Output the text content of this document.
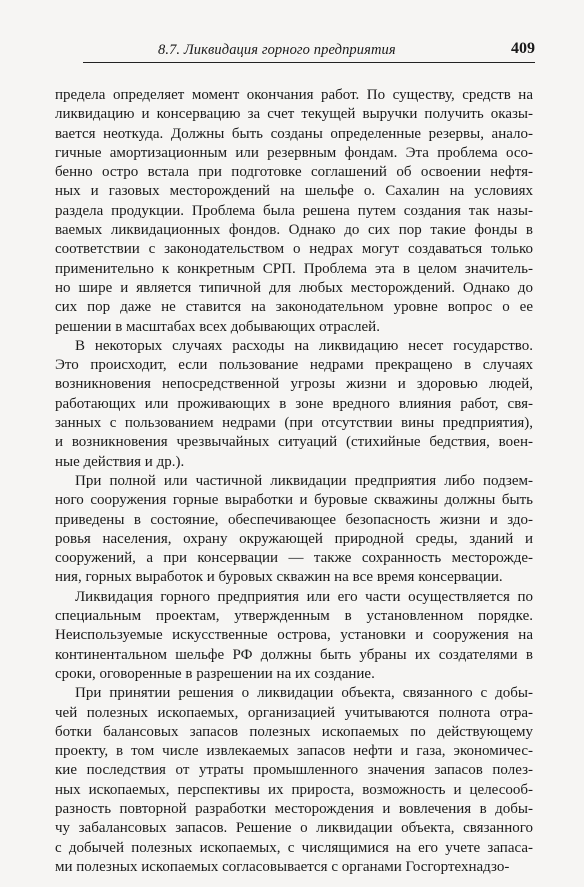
8.7. Ликвидация горного предприятия	409
предела определяет момент окончания работ. По существу, средств на
ликвидацию и консервацию за счет текущей выручки получить оказы-
вается неоткуда. Должны быть созданы определенные резервы, анало-
гичные амортизационным или резервным фондам. Эта проблема осо-
бенно остро встала при подготовке соглашений об освоении нефтя-
ных и газовых месторождений на шельфе о. Сахалин на условиях
раздела продукции. Проблема была решена путем создания так назы-
ваемых ликвидационных фондов. Однако до сих пор такие фонды в
соответствии с законодательством о недрах могут создаваться только
применительно к конкретным СРП. Проблема эта в целом значитель-
но шире и является типичной для любых месторождений. Однако до
сих пор даже не ставится на законодательном уровне вопрос о ее
решении в масштабах всех добывающих отраслей.
В некоторых случаях расходы на ликвидацию несет государство.
Это происходит, если пользование недрами прекращено в случаях
возникновения непосредственной угрозы жизни и здоровью людей,
работающих или проживающих в зоне вредного влияния работ, свя-
занных с пользованием недрами (при отсутствии вины предприятия),
и возникновения чрезвычайных ситуаций (стихийные бедствия, воен-
ные действия и др.).
При полной или частичной ликвидации предприятия либо подзем-
ного сооружения горные выработки и буровые скважины должны быть
приведены в состояние, обеспечивающее безопасность жизни и здо-
ровья населения, охрану окружающей природной среды, зданий и
сооружений, а при консервации — также сохранность месторожде-
ния, горных выработок и буровых скважин на все время консервации.
Ликвидация горного предприятия или его части осуществляется по
специальным проектам, утвержденным в установленном порядке.
Неиспользуемые искусственные острова, установки и сооружения на
континентальном шельфе РФ должны быть убраны их создателями в
сроки, оговоренные в разрешении на их создание.
При принятии решения о ликвидации объекта, связанного с добы-
чей полезных ископаемых, организацией учитываются полнота отра-
ботки балансовых запасов полезных ископаемых по действующему
проекту, в том числе извлекаемых запасов нефти и газа, экономичес-
кие последствия от утраты промышленного значения запасов полез-
ных ископаемых, перспективы их прироста, возможность и целесооб-
разность повторной разработки месторождения и вовлечения в добы-
чу забалансовых запасов. Решение о ликвидации объекта, связанного
с добычей полезных ископаемых, с числящимися на его учете запаса-
ми полезных ископаемых согласовывается с органами Госгортехнадзо-
